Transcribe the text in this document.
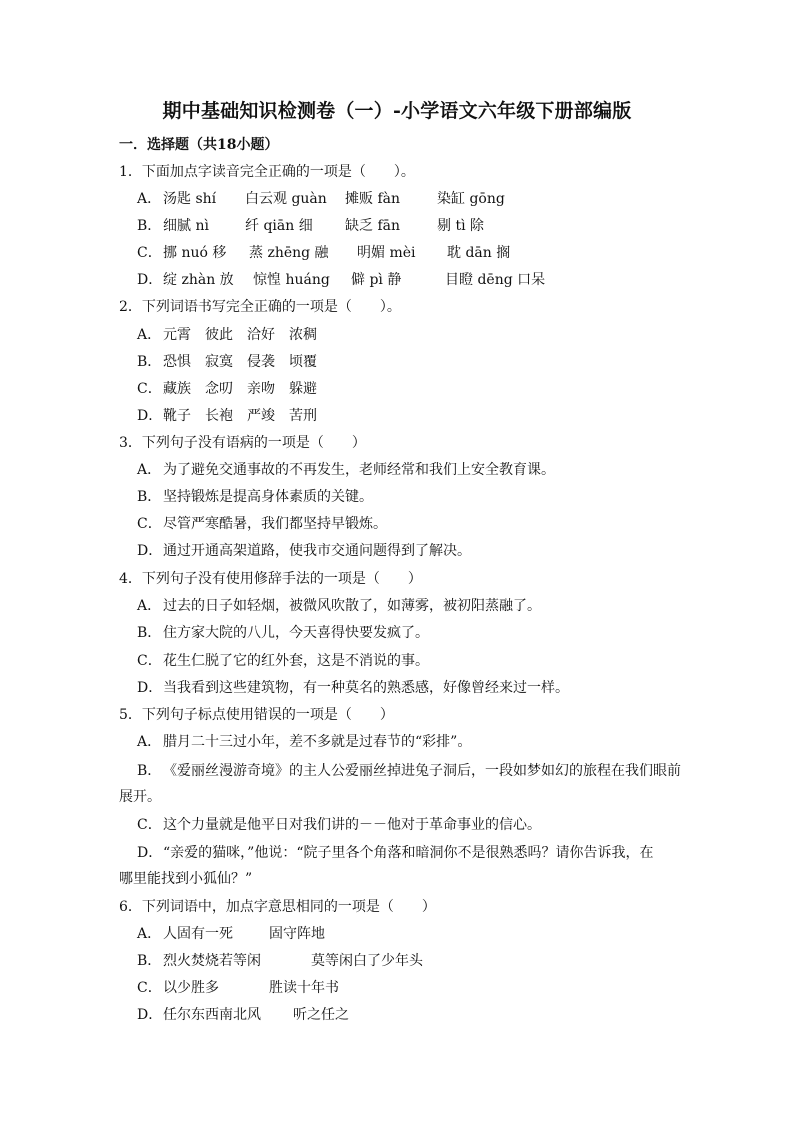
期中基础知识检测卷（一）-小学语文六年级下册部编版
一．选择题（共18小题）
1．下面加点字读音完全正确的一项是（　　）。
A． 汤匙 shí 白云观 guàn 摊贩 fàn	染缸 gōng
B． 细腻 nì	纤 qiān 细 缺乏 fān	剔 tì 除
C．挪 nuó 移 蒸 zhēng 融 明媚 mèi 耽 dān 搁
D．绽 zhàn 放 惊惶 huáng 僻 pì 静	目瞪 dēng 口呆
2．下列词语书写完全正确的一项是（　　）。
A． 元霄 彼此 洽好 浓稠
B． 恐惧 寂寞 侵袭 顷覆
C．藏族 念叨 亲吻 躲避
D．靴子 长袍 严竣 苦刑
3．下列句子没有语病的一项是（　　）
A． 为了避免交通事故的不再发生，老师经常和我们上安全教育课。
B． 坚持锻炼是提高身体素质的关键。
C．尽管严寒酷暑，我们都坚持早锻炼。
D．通过开通高架道路，使我市交通问题得到了解决。
4．下列句子没有使用修辞手法的一项是（　　）
A． 过去的日子如轻烟，被微风吹散了，如薄雾，被初阳蒸融了。
B． 住方家大院的八儿，今天喜得快要发疯了。
C．花生仁脱了它的红外套，这是不消说的事。
D．当我看到这些建筑物，有一种莫名的熟悉感，好像曾经来过一样。
5．下列句子标点使用错误的一项是（　　）
A． 腊月二十三过小年，差不多就是过春节的“彩排”。
B． 《爱丽丝漫游奇境》的主人公爱丽丝掉进兔子洞后，一段如梦如幻的旅程在我们眼前
展开。
C．这个力量就是他平日对我们讲的－－他对于革命事业的信心。
D．“亲爱的猫咪，”他说：“院子里各个角落和暗洞你不是很熟悉吗？请你告诉我，在
哪里能找到小狐仙？”
6．下列词语中，加点字意思相同的一项是（　　）
A． 人固有一死	固守阵地
B． 烈火焚烧若等闲	莫等闲白了少年头
C．以少胜多	胜读十年书
D．任尔东西南北风 听之任之
